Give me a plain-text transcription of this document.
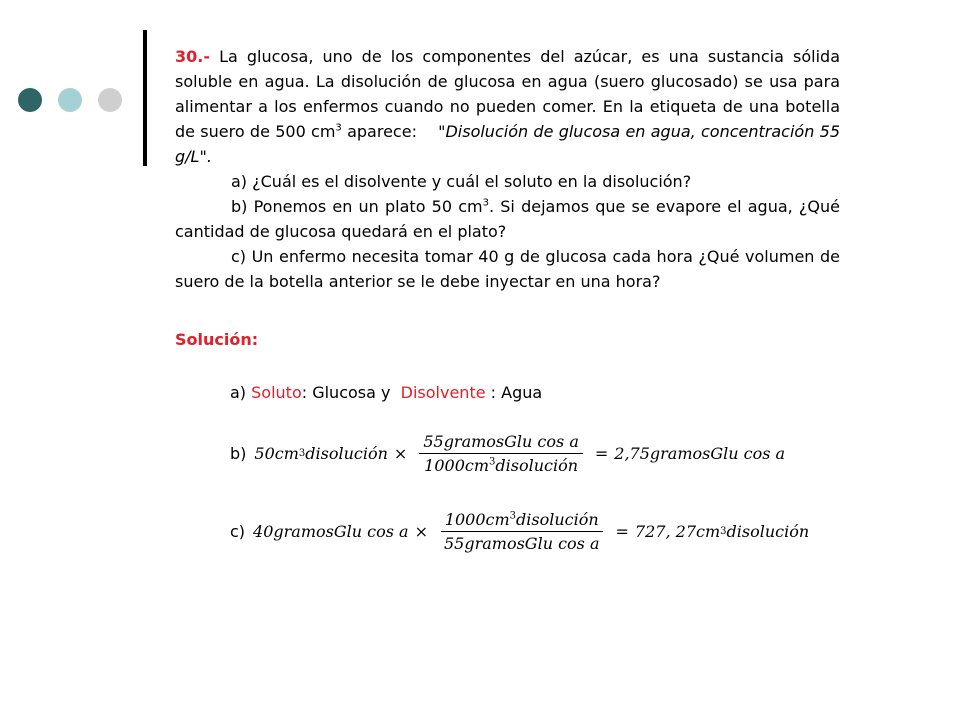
30.- La glucosa, uno de los componentes del azúcar, es una sustancia sólida soluble en agua. La disolución de glucosa en agua (suero glucosado) se usa para alimentar a los enfermos cuando no pueden comer. En la etiqueta de una botella de suero de 500 $cm^3$ aparece: "Disolución de glucosa en agua, concentración 55 g/L".

a) ¿Cuál es el disolvente y cuál el soluto en la disolución?

b) Ponemos en un plato 50 $cm^3$. Si dejamos que se evapore el agua, ¿Qué cantidad de glucosa quedará en el plato?

c) Un enfermo necesita tomar 40 g de glucosa cada hora ¿Qué volumen de suero de la botella anterior se le debe inyectar en una hora?

Solución:
a) Soluto: Glucosa y Disolvente : Agua
b) 50cm 3 disolución × $\frac{\text{55gramosGlu cos a}}{1000cm^3disolución}$ = 2,75gramosGlu cos a
c) 40gramosGlu $\cos a \times \frac{1000cm^3disolución}{\text{55gramosGlu cos a}} = 727$, 27cm 3 disolución
